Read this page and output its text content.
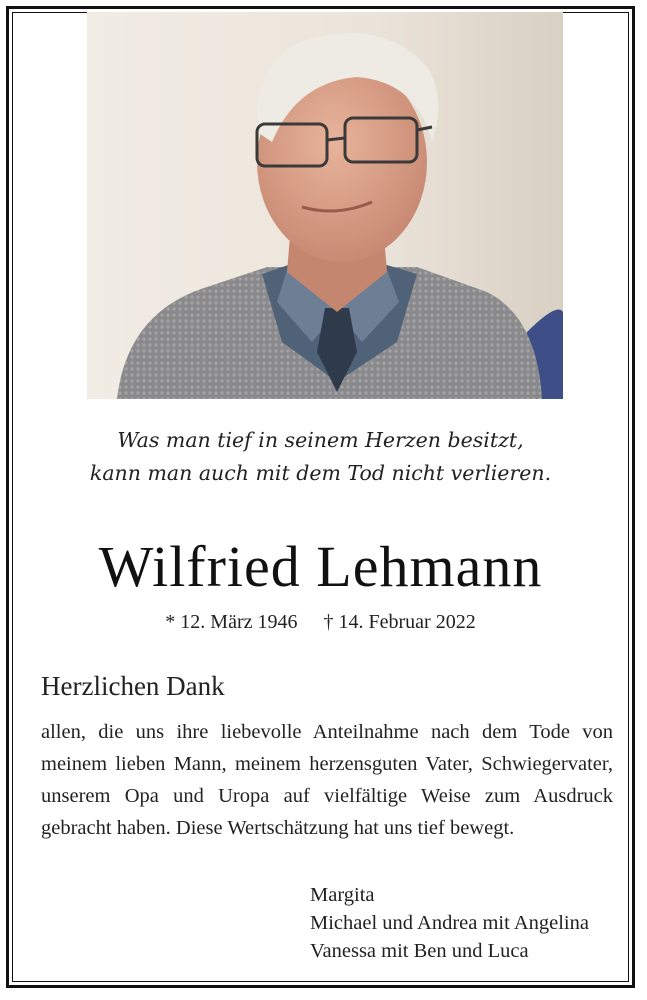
Was man tief in seinem Herzen besitzt,
kann man auch mit dem Tod nicht verlieren.
Wilfried Lehmann
* 12. März 1946 † 14. Februar 2022
Herzlichen Dank
allen, die uns ihre liebevolle Anteilnahme nach dem Tode von
meinem lieben Mann, meinem herzensguten Vater, Schwiegervater,
unserem Opa und Uropa auf vielfältige Weise zum Ausdruck
gebracht haben. Diese Wertschätzung hat uns tief bewegt.
Margita
Michael und Andrea mit Angelina
Vanessa mit Ben und Luca
